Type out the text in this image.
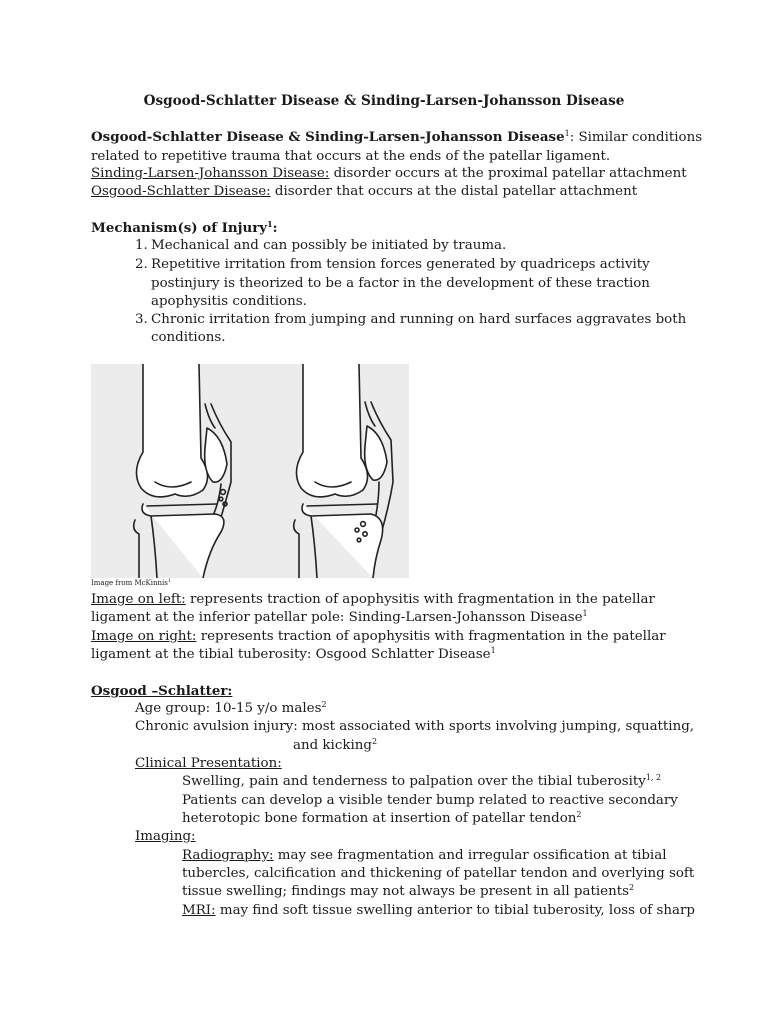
Osgood-Schlatter Disease & Sinding-Larsen-Johansson Disease
Osgood-Schlatter Disease & Sinding-Larsen-Johansson Disease$^1$: Similar conditions
related to repetitive trauma that occurs at the ends of the patellar ligament.
Sinding-Larsen-Johansson Disease: disorder occurs at the proximal patellar attachment
Osgood-Schlatter Disease: disorder that occurs at the distal patellar attachment
Mechanism(s) of Injury$^1$:
1. Mechanical and can possibly be initiated by trauma.
2. Repetitive irritation from tension forces generated by quadriceps activity
postinjury is theorized to be a factor in the development of these traction
apophysitis conditions.
3. Chronic irritation from jumping and running on hard surfaces aggravates both
conditions.
Image from McKinnis$^1$
Image on left: represents traction of apophysitis with fragmentation in the patellar
ligament at the inferior patellar pole: Sinding-Larsen-Johansson Disease$^1$
Image on right: represents traction of apophysitis with fragmentation in the patellar
ligament at the tibial tuberosity: Osgood Schlatter Disease$^1$
Osgood –Schlatter:
Age group: 10-15 y/o males$^2$
Chronic avulsion injury: most associated with sports involving jumping, squatting,
and kicking$^2$
Clinical Presentation:
Swelling, pain and tenderness to palpation over the tibial tuberosity$^{1, 2}$
Patients can develop a visible tender bump related to reactive secondary
heterotopic bone formation at insertion of patellar tendon$^2$
Imaging:
Radiography: may see fragmentation and irregular ossification at tibial
tubercles, calcification and thickening of patellar tendon and overlying soft
tissue swelling; findings may not always be present in all patients$^2$
MRI: may find soft tissue swelling anterior to tibial tuberosity, loss of sharp
